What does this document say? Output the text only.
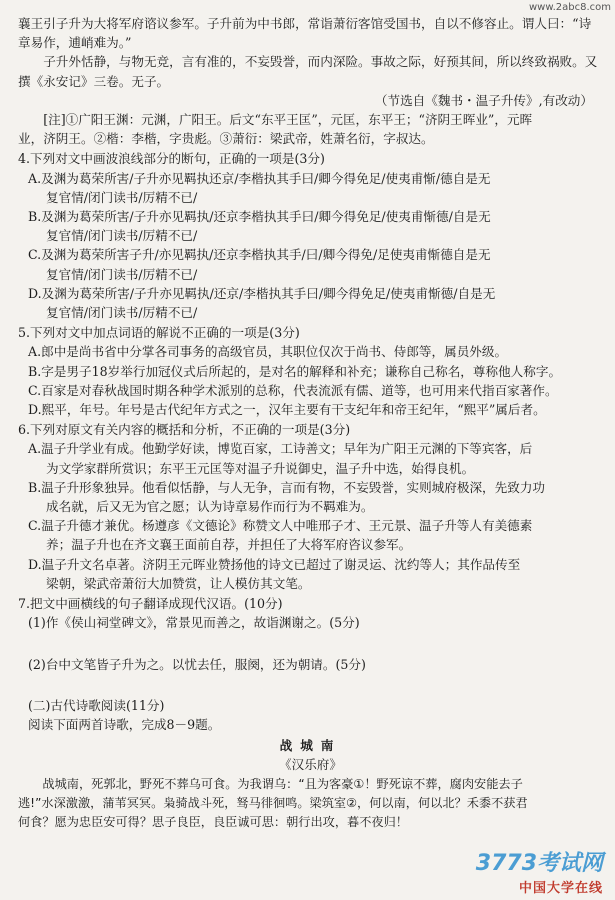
www.2abc8.com

襄王引子升为大将军府谘议参军。子升前为中书郎，常诣萧衍客馆受国书，自以不修容止。谓人曰：“诗章易作，逋峭难为。”

子升外恬静，与物无竞，言有准的，不妄毁誉，而内深险。事故之际，好预其间，所以终致祸败。又撰《永安记》三卷。无子。

（节选自《魏书・温子升传》,有改动）

[注]①广阳王渊：元渊，广阳王。后文“东平王匡”，元匡，东平王；“济阴王晖业”，元晖

业，济阴王。②楷：李楷，字贵彪。③萧衍：梁武帝，姓萧名衍，字叔达。

4.下列对文中画波浪线部分的断句，正确的一项是(3分)

A.及渊为葛荣所害/子升亦见羁执还京/李楷执其手曰/卿今得免足/使夷甫惭/德自是无

复官情/闭门读书/厉精不已/

B.及渊为葛荣所害/子升亦见羁执/还京李楷执其手曰/卿今得免足/使夷甫惭德/自是无

复官情/闭门读书/厉精不已/

C.及渊为葛荣所害子升/亦见羁执/还京李楷执其手/曰/卿今得免/足使夷甫惭德自是无

复官情/闭门读书/厉精不已/

D.及渊为葛荣所害/子升亦见羁执/还京/李楷执其手曰/卿今得免足/使夷甫惭德/自是无

复官情/闭门读书/厉精不已/

5.下列对文中加点词语的解说不正确的一项是(3分)

A.郎中是尚书省中分掌各司事务的高级官员，其职位仅次于尚书、侍郎等，属员外级。

B.字是男子18岁举行加冠仪式后所起的，是对名的解释和补充；谦称自己称名，尊称他人称字。

C.百家是对春秋战国时期各种学术派别的总称，代表流派有儒、道等，也可用来代指百家著作。

D.熙平，年号。年号是古代纪年方式之一，汉年主要有干支纪年和帝王纪年，“熙平”属后者。

6.下列对原文有关内容的概括和分析，不正确的一项是(3分)

A.温子升学业有成。他勤学好读，博览百家，工诗善文；早年为广阳王元渊的下等宾客，后

为文学家群所赏识；东平王元匡等对温子升说御史，温子升中选，始得良机。

B.温子升形象独异。他看似恬静，与人无争，言而有物，不妄毁誉，实则城府极深，先致力功

成名就，后又无为官之愿；认为诗章易作而行为不羁难为。

C.温子升德才兼优。杨遵彦《文德论》称赞文人中唯邢子才、王元景、温子升等人有美德素

养；温子升也在齐文襄王面前自荐，并担任了大将军府咨议参军。

D.温子升文名卓著。济阴王元晖业赞扬他的诗文已超过了谢灵运、沈约等人；其作品传至

梁朝，梁武帝萧衍大加赞赏，让人模仿其文笔。

7.把文中画横线的句子翻译成现代汉语。(10分)

(1)作《侯山祠堂碑文》，常景见而善之，故诣渊谢之。(5分)

(2)台中文笔皆子升为之。以忧去任，服阕，还为朝请。(5分)

(二)古代诗歌阅读(11分)

阅读下面两首诗歌，完成8－9题。

战城南

《汉乐府》

战城南，死郭北，野死不葬乌可食。为我谓乌：“且为客豪①！野死谅不葬，腐肉安能去子

逃!”水深激激，蒲苇冥冥。枭骑战斗死，驽马徘徊鸣。梁筑室②，何以南，何以北？禾黍不获君

何食？愿为忠臣安可得？思子良臣，良臣诚可思：朝行出攻，暮不夜归！

3773考试网
中国大学在线
